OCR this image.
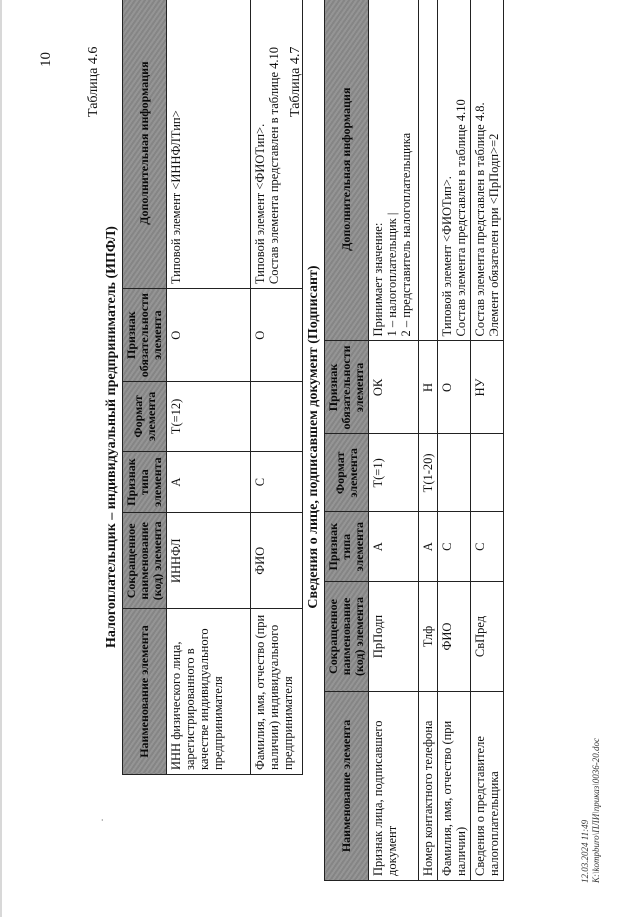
10 Таблица 4.6
Налогоплательщик – индивидуальный предприниматель (ИПФЛ)
Наименование элемента	Сокращенное наименование (код) элемента	Признак типа элемента	Формат элемента	Признак обязательности элемента	Дополнительная информация
ИНН физического лица, зарегистрированного в качестве индивидуального предпринимателя	ИННФЛ	А	T(=12)	О	Типовой элемент <ИННФЛТип>

Фамилия, имя, отчество (при наличии) индивидуального предпринимателя	ФИО	С		О	Типовой элемент <ФИОТип>. Состав элемента представлен в таблице 4.10 Таблица 4.7
Сведения о лице, подписавшем документ (Подписант)
Наименование элемента	Сокращенное наименование (код) элемента	Признак типа элемента	Формат элемента	Признак обязательности элемента	Дополнительная информация
Признак лица, подписавшего документ	ПрПодп	А	T(=1)	ОК	Принимает значение: 1 – налогоплательщик | 2 – представитель налогоплательщика

Номер контактного телефона	Тлф	А	T(1-20)	Н	

Фамилия, имя, отчество (при наличии)	ФИО	С		О	Типовой элемент <ФИОТип>. Состав элемента представлен в таблице 4.10

Сведения о представителе налогоплательщика	СвПред	С		НУ	Состав элемента представлен в таблице 4.8. Элемент обязателен при <ПрПодп>=2
12.03.2024 11:49 K:\kompburo\ПЛИ\приказ\0036-20.doc
·
